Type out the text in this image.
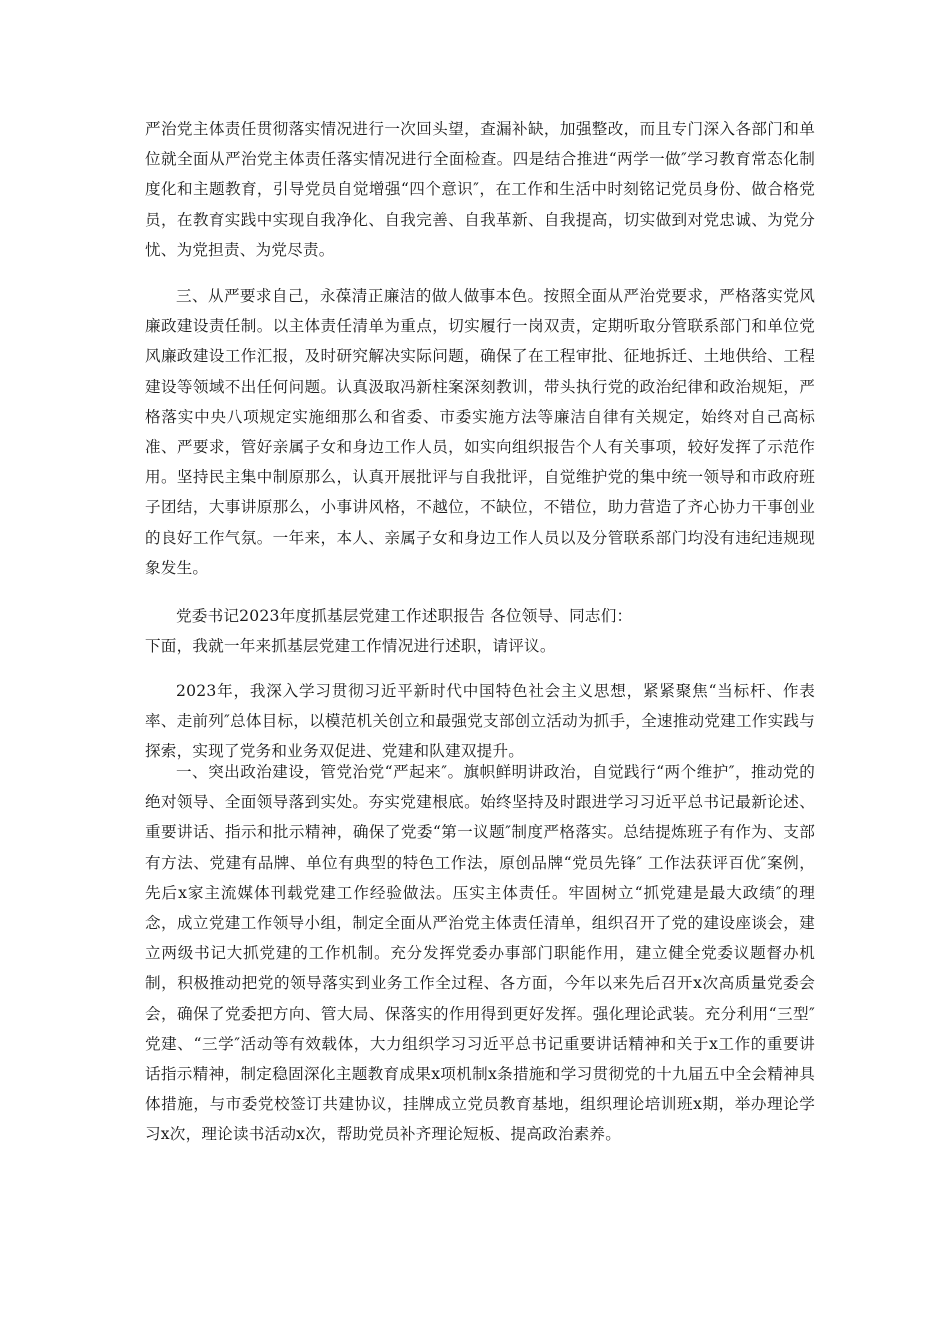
严治党主体责任贯彻落实情况进行一次回头望，查漏补缺，加强整改，而且专门深入各部门和单位就全面从严治党主体责任落实情况进行全面检查。四是结合推进“两学一做″学习教育常态化制度化和主题教育，引导党员自觉增强“四个意识″，在工作和生活中时刻铭记党员身份、做合格党员，在教育实践中实现自我净化、自我完善、自我革新、自我提高，切实做到对党忠诚、为党分忧、为党担责、为党尽责。

三、从严要求自己，永葆清正廉洁的做人做事本色。按照全面从严治党要求，严格落实党风廉政建设责任制。以主体责任清单为重点，切实履行一岗双责，定期听取分管联系部门和单位党风廉政建设工作汇报，及时研究解决实际问题，确保了在工程审批、征地拆迁、土地供给、工程建设等领域不出任何问题。认真汲取冯新柱案深刻教训，带头执行党的政治纪律和政治规矩，严格落实中央八项规定实施细那么和省委、市委实施方法等廉洁自律有关规定，始终对自己高标准、严要求，管好亲属子女和身边工作人员，如实向组织报告个人有关事项，较好发挥了示范作用。坚持民主集中制原那么，认真开展批评与自我批评，自觉维护党的集中统一领导和市政府班子团结，大事讲原那么，小事讲风格，不越位，不缺位，不错位，助力营造了齐心协力干事创业的良好工作气氛。一年来，本人、亲属子女和身边工作人员以及分管联系部门均没有违纪违规现象发生。

党委书记2023年度抓基层党建工作述职报告 各位领导、同志们：
下面，我就一年来抓基层党建工作情况进行述职，请评议。

2023年，我深入学习贯彻习近平新时代中国特色社会主义思想，紧紧聚焦“当标杆、作表率、走前列″总体目标，以模范机关创立和最强党支部创立活动为抓手，全速推动党建工作实践与探索，实现了党务和业务双促进、党建和队建双提升。

一、突出政治建设，管党治党“严起来″。旗帜鲜明讲政治，自觉践行“两个维护″，推动党的绝对领导、全面领导落到实处。夯实党建根底。始终坚持及时跟进学习习近平总书记最新论述、重要讲话、指示和批示精神，确保了党委“第一议题″制度严格落实。总结提炼班子有作为、支部有方法、党建有品牌、单位有典型的特色工作法，原创品牌“党员先锋″ 工作法获评百优″案例，先后x家主流媒体刊载党建工作经验做法。压实主体责任。牢固树立“抓党建是最大政绩″的理念，成立党建工作领导小组，制定全面从严治党主体责任清单，组织召开了党的建设座谈会，建立两级书记大抓党建的工作机制。充分发挥党委办事部门职能作用，建立健全党委议题督办机制，积极推动把党的领导落实到业务工作全过程、各方面，今年以来先后召开x次高质量党委会会，确保了党委把方向、管大局、保落实的作用得到更好发挥。强化理论武装。充分利用“三型″党建、“三学″活动等有效载体，大力组织学习习近平总书记重要讲话精神和关于x工作的重要讲话指示精神，制定稳固深化主题教育成果x项机制x条措施和学习贯彻党的十九届五中全会精神具体措施，与市委党校签订共建协议，挂牌成立党员教育基地，组织理论培训班x期，举办理论学习x次，理论读书活动x次，帮助党员补齐理论短板、提高政治素养。
